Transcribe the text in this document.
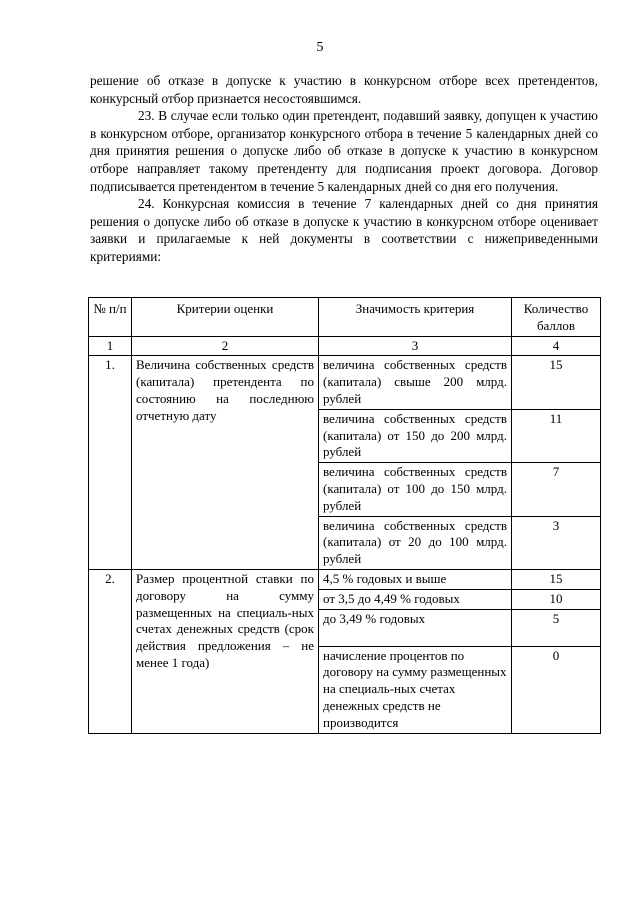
5

решение об отказе в допуске к участию в конкурсном отборе всех претендентов, конкурсный отбор признается несостоявшимся.

23. В случае если только один претендент, подавший заявку, допущен к участию в конкурсном отборе, организатор конкурсного отбора в течение 5 календарных дней со дня принятия решения о допуске либо об отказе в допуске к участию в конкурсном отборе направляет такому претенденту для подписания проект договора. Договор подписывается претендентом в течение 5 календарных дней со дня его получения.

24. Конкурсная комиссия в течение 7 календарных дней со дня принятия решения о допуске либо об отказе в допуске к участию в конкурсном отборе оценивает заявки и прилагаемые к ней документы в соответствии с нижеприведенными критериями:

№ п/п	Критерии оценки	Значимость критерия	Количество баллов
1	2	3	4
1.	Величина собственных средств (капитала) претендента по состоянию на последнюю отчетную дату	величина собственных средств (капитала) свыше 200 млрд. рублей	15
		величина собственных средств (капитала) от 150 до 200 млрд. рублей	11
		величина собственных средств (капитала) от 100 до 150 млрд. рублей	7
		величина собственных средств (капитала) от 20 до 100 млрд. рублей	3
2.	Размер процентной ставки по договору на сумму размещенных на специаль-ных счетах денежных средств (срок действия предложения – не менее 1 года)	4,5 % годовых и выше	15
		от 3,5 до 4,49 % годовых	10
		до 3,49 % годовых	5
		начисление процентов по договору на сумму размещенных на специаль-ных счетах денежных средств не производится	0
